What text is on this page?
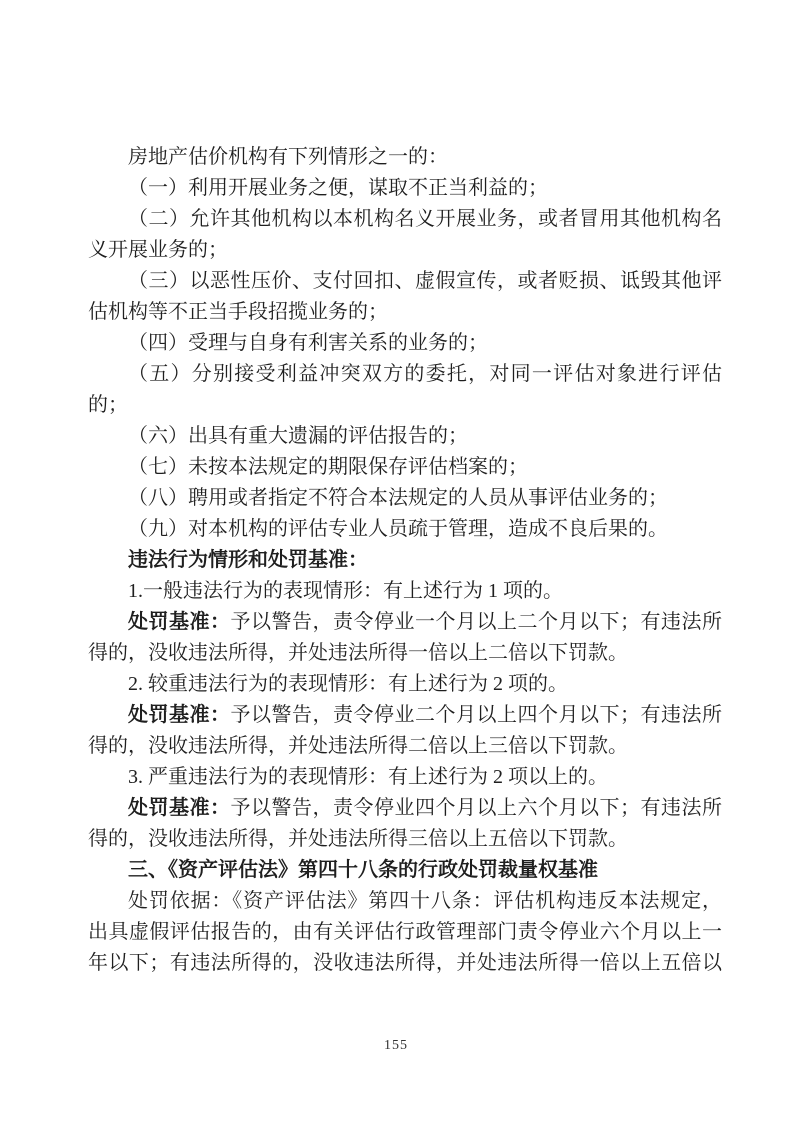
房地产估价机构有下列情形之一的：
（一）利用开展业务之便，谋取不正当利益的；
（二）允许其他机构以本机构名义开展业务，或者冒用其他机构名
义开展业务的；
（三）以恶性压价、支付回扣、虚假宣传，或者贬损、诋毁其他评
估机构等不正当手段招揽业务的；
（四）受理与自身有利害关系的业务的；
（五）分别接受利益冲突双方的委托，对同一评估对象进行评估
的；
（六）出具有重大遗漏的评估报告的；
（七）未按本法规定的期限保存评估档案的；
（八）聘用或者指定不符合本法规定的人员从事评估业务的；
（九）对本机构的评估专业人员疏于管理，造成不良后果的。
违法行为情形和处罚基准：
1.一般违法行为的表现情形：有上述行为 1 项的。
处罚基准：予以警告，责令停业一个月以上二个月以下；有违法所
得的，没收违法所得，并处违法所得一倍以上二倍以下罚款。
2. 较重违法行为的表现情形：有上述行为 2 项的。
处罚基准：予以警告，责令停业二个月以上四个月以下；有违法所
得的，没收违法所得，并处违法所得二倍以上三倍以下罚款。
3. 严重违法行为的表现情形：有上述行为 2 项以上的。
处罚基准：予以警告，责令停业四个月以上六个月以下；有违法所
得的，没收违法所得，并处违法所得三倍以上五倍以下罚款。
三、《资产评估法》第四十八条的行政处罚裁量权基准
处罚依据：《资产评估法》第四十八条：评估机构违反本法规定，
出具虚假评估报告的，由有关评估行政管理部门责令停业六个月以上一
年以下；有违法所得的，没收违法所得，并处违法所得一倍以上五倍以
155
